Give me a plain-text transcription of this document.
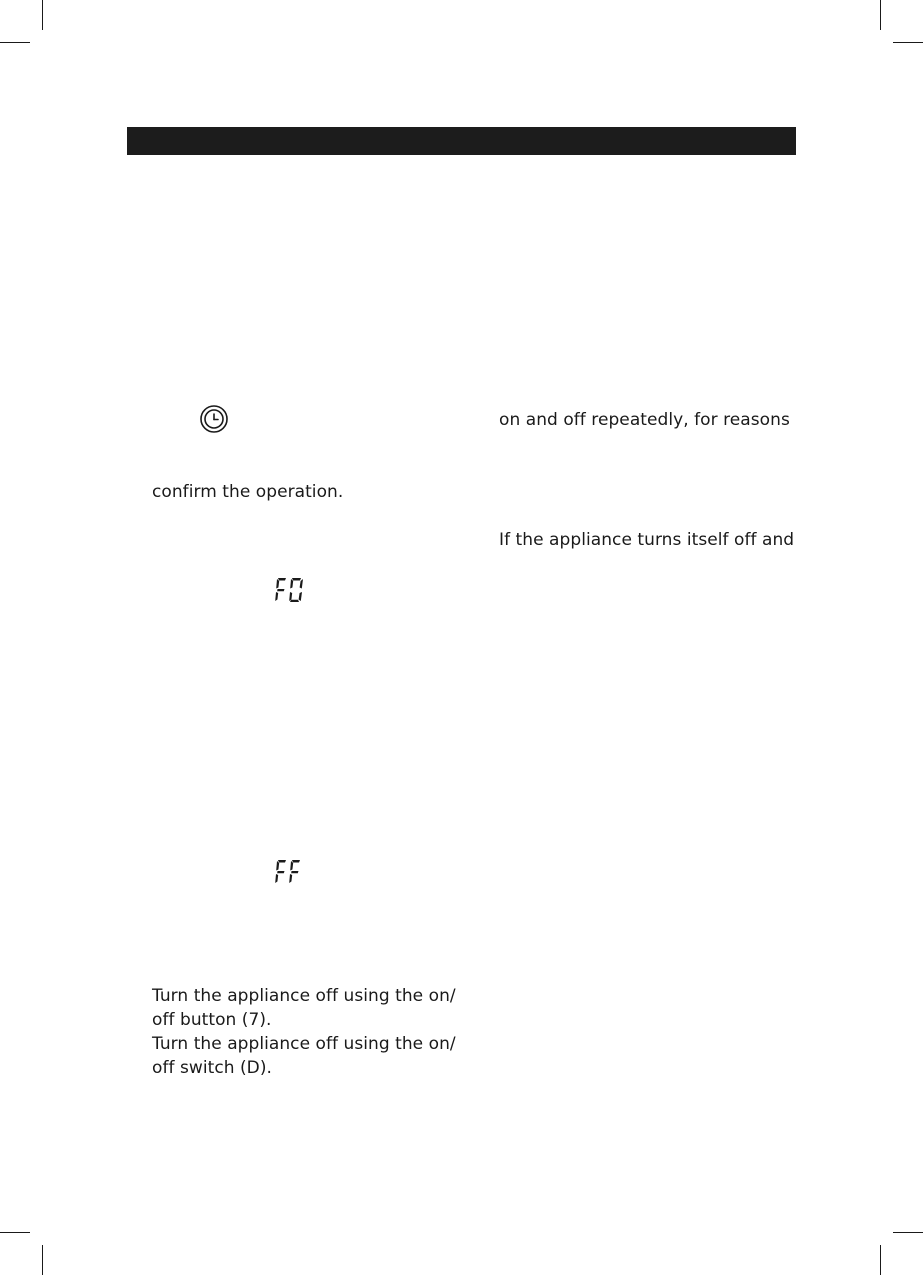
on and off repeatedly, for reasons
confirm the operation.
If the appliance turns itself off and
Turn the appliance off using the on/
off button (7).
Turn the appliance off using the on/
off switch (D).
